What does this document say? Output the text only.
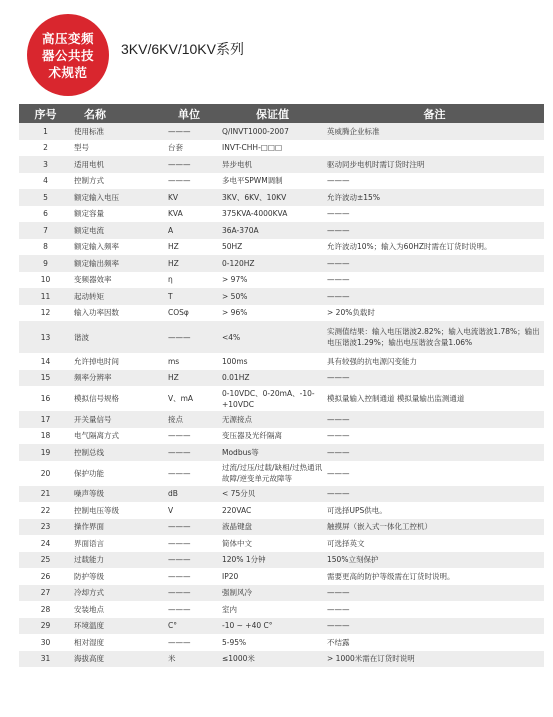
高压变频
器公共技
术规范
3KV/6KV/10KV系列
序号	名称	单位	保证值	备注
1	使用标准	———	Q/INVT1000-2007	英威腾企业标准
2	型号	台套	INVT-CHH-□□□	
3	适用电机	———	异步电机	驱动同步电机时需订货时注明
4	控制方式	———	多电平SPWM调制	———
5	额定输入电压	KV	3KV、6KV、10KV	允许波动±15%
6	额定容量	KVA	375KVA-4000KVA	———
7	额定电流	A	36A-370A	———
8	额定输入频率	HZ	50HZ	允许波动10%；输入为60HZ时需在订货时说明。
9	额定输出频率	HZ	0-120HZ	———
10	变频器效率	η	> 97%	———
11	起动转矩	T	> 50%	———
12	输入功率因数	COSφ	> 96%	> 20%负载时
13	谐波	———	<4%	实测值结果：输入电压谐波2.82%；输入电流谐波1.78%；输出电压谐波1.29%；输出电压谐波含量1.06%
14	允许掉电时间	ms	100ms	具有较强的抗电源闪变能力
15	频率分辨率	HZ	0.01HZ	———
16	模拟信号规格	V、mA	0-10VDC、0-20mA、-10-+10VDC	模拟量输入控制通道 模拟量输出监测通道
17	开关量信号	接点	无源接点	———
18	电气隔离方式	———	变压器及光纤隔离	———
19	控制总线	———	Modbus等	———
20	保护功能	———	过流/过压/过载/缺相/过热通讯故障/逆变单元故障等	———
21	噪声等级	dB	< 75分贝	———
22	控制电压等级	V	220VAC	可选择UPS供电。
23	操作界面	———	液晶键盘	触摸屏（嵌入式一体化工控机）
24	界面语言	———	简体中文	可选择英文
25	过载能力	———	120% 1分钟	150%立刻保护
26	防护等级	———	IP20	需要更高的防护等级需在订货时说明。
27	冷却方式	———	强制风冷	———
28	安装地点	———	室内	———
29	环境温度	C°	-10 ~ +40 C°	———
30	相对湿度	———	5-95%	不结露
31	海拔高度	米	≤1000米	> 1000米需在订货时说明
